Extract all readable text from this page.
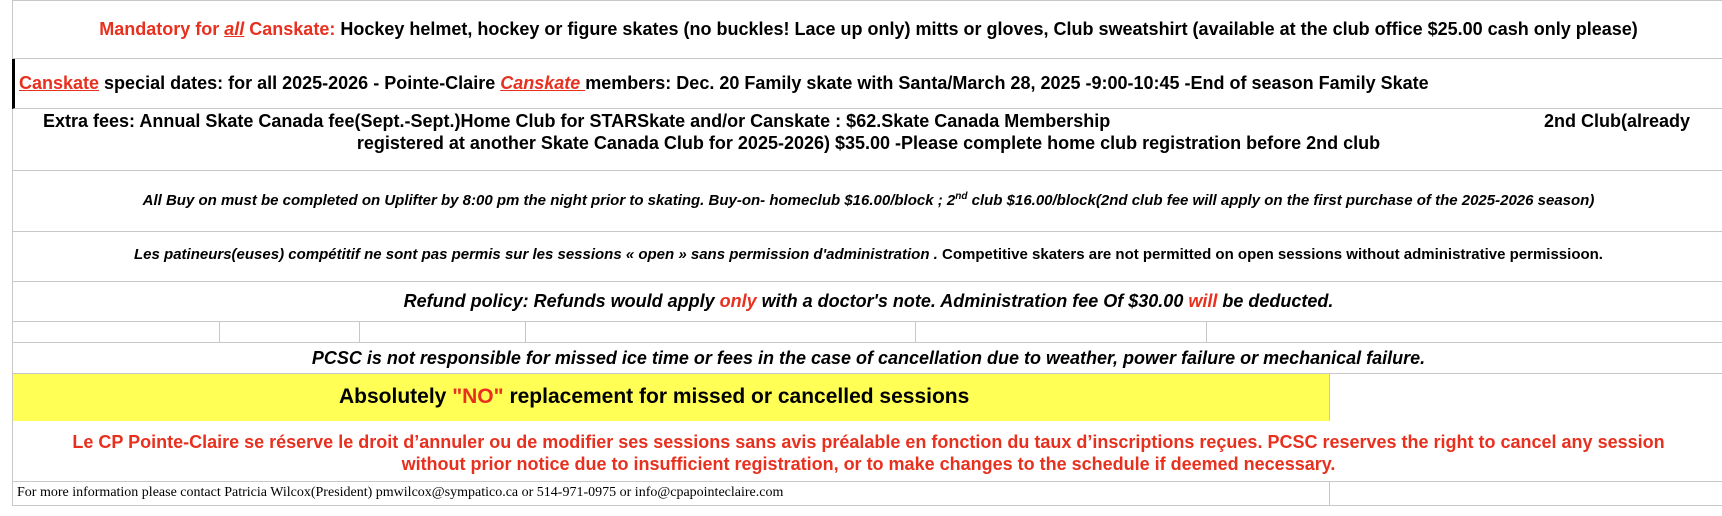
Mandatory for all Canskate: Hockey helmet, hockey or figure skates (no buckles! Lace up only) mitts or gloves, Club sweatshirt (available at the club office $25.00 cash only please)
Canskate special dates: for all 2025-2026 - Pointe-Claire Canskate members: Dec. 20 Family skate with Santa/March 28, 2025 -9:00-10:45 -End of season Family Skate
Extra fees: Annual Skate Canada fee(Sept.-Sept.)Home Club for STARSkate and/or Canskate : $62.Skate Canada Membership	2nd Club(already
registered at another Skate Canada Club for 2025-2026) $35.00 -Please complete home club registration before 2nd club
All Buy on must be completed on Uplifter by 8:00 pm the night prior to skating. Buy-on- homeclub $16.00/block ; 2nd club $16.00/block(2nd club fee will apply on the first purchase of the 2025-2026 season)
Les patineurs(euses) compétitif ne sont pas permis sur les sessions « open » sans permission d'administration . Competitive skaters are not permitted on open sessions without administrative permissioon.
Refund policy: Refunds would apply only with a doctor's note. Administration fee Of $30.00 will be deducted.
PCSC is not responsible for missed ice time or fees in the case of cancellation due to weather, power failure or mechanical failure.
Absolutely "NO" replacement for missed or cancelled sessions
Le CP Pointe-Claire se réserve le droit d’annuler ou de modifier ses sessions sans avis préalable en fonction du taux d’inscriptions reçues. PCSC reserves the right to cancel any session
without prior notice due to insufficient registration, or to make changes to the schedule if deemed necessary.
For more information please contact Patricia Wilcox(President) pmwilcox@sympatico.ca or 514-971-0975 or info@cpapointeclaire.com
